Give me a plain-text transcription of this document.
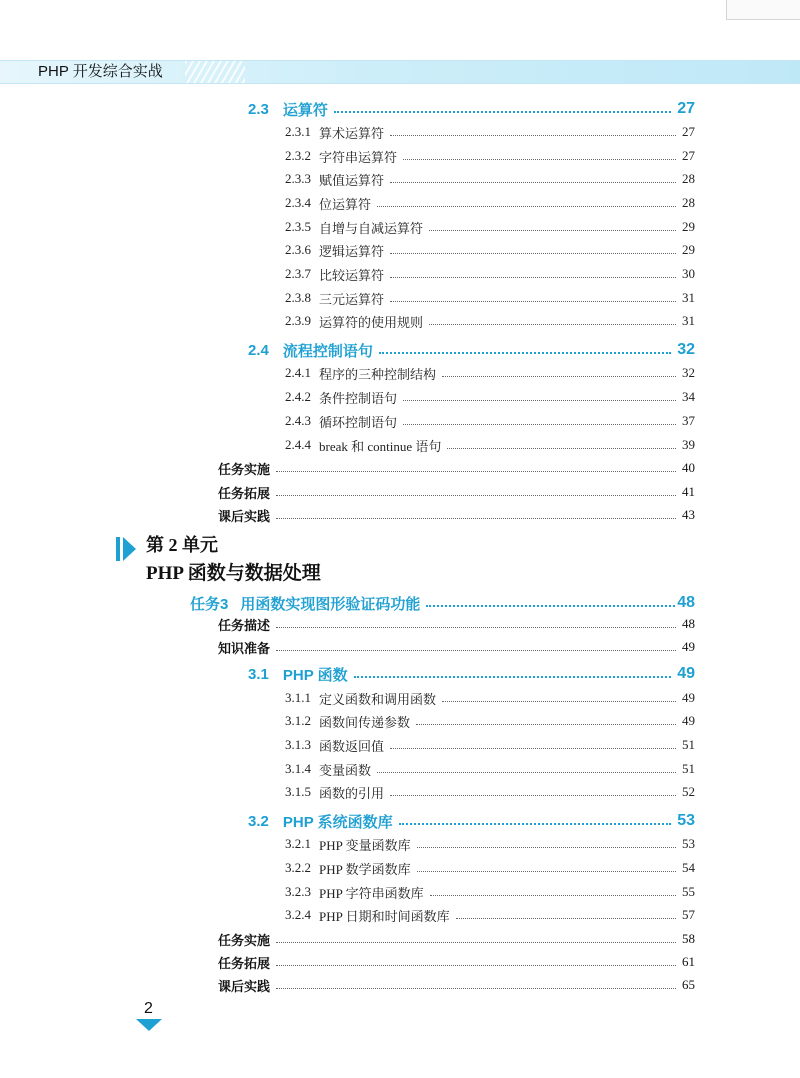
PHP 开发综合实战
2.3 运算符	27
2.3.1 算术运算符	27
2.3.2 字符串运算符	27
2.3.3 赋值运算符	28
2.3.4 位运算符	28
2.3.5 自增与自减运算符	29
2.3.6 逻辑运算符	29
2.3.7 比较运算符	30
2.3.8 三元运算符	31
2.3.9 运算符的使用规则	31
2.4 流程控制语句	32
2.4.1 程序的三种控制结构	32
2.4.2 条件控制语句	34
2.4.3 循环控制语句	37
2.4.4 break 和 continue 语句	39
任务实施	40
任务拓展	41
课后实践	43
第 2 单元
PHP 函数与数据处理
任务3 用函数实现图形验证码功能	48
任务描述	48
知识准备	49
3.1 PHP 函数	49
3.1.1 定义函数和调用函数	49
3.1.2 函数间传递参数	49
3.1.3 函数返回值	51
3.1.4 变量函数	51
3.1.5 函数的引用	52
3.2 PHP 系统函数库	53
3.2.1 PHP 变量函数库	53
3.2.2 PHP 数学函数库	54
3.2.3 PHP 字符串函数库	55
3.2.4 PHP 日期和时间函数库	57
任务实施	58
任务拓展	61
课后实践	65
2
